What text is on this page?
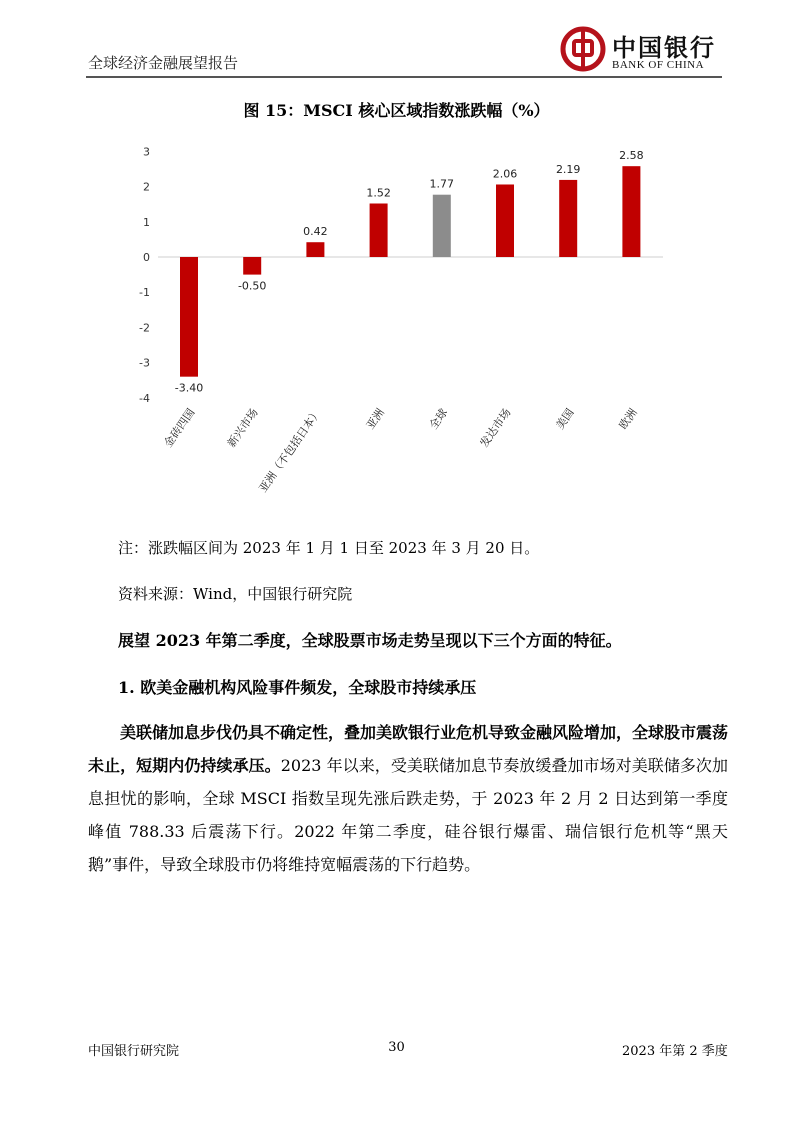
全球经济金融展望报告
中国银行
BANK OF CHINA
图 15：MSCI 核心区域指数涨跌幅（%）
3
2
1
0
-1
-2
-3
-4
-3.40
金砖四国
-0.50
新兴市场
0.42
亚洲（不包括日本）
1.52
亚洲
1.77
全球
2.06
发达市场
2.19
美国
2.58
欧洲
注：涨跌幅区间为 2023 年 1 月 1 日至 2023 年 3 月 20 日。
资料来源：Wind，中国银行研究院
展望 2023 年第二季度，全球股票市场走势呈现以下三个方面的特征。
1. 欧美金融机构风险事件频发，全球股市持续承压
美联储加息步伐仍具不确定性，叠加美欧银行业危机导致金融风险增加，全球股市震荡未止，短期内仍持续承压。2023 年以来，受美联储加息节奏放缓叠加市场对美联储多次加息担忧的影响，全球 MSCI 指数呈现先涨后跌走势，于 2023 年 2 月 2 日达到第一季度峰值 788.33 后震荡下行。2022 年第二季度，硅谷银行爆雷、瑞信银行危机等“黑天鹅”事件，导致全球股市仍将维持宽幅震荡的下行趋势。
中国银行研究院	30	2023 年第 2 季度
